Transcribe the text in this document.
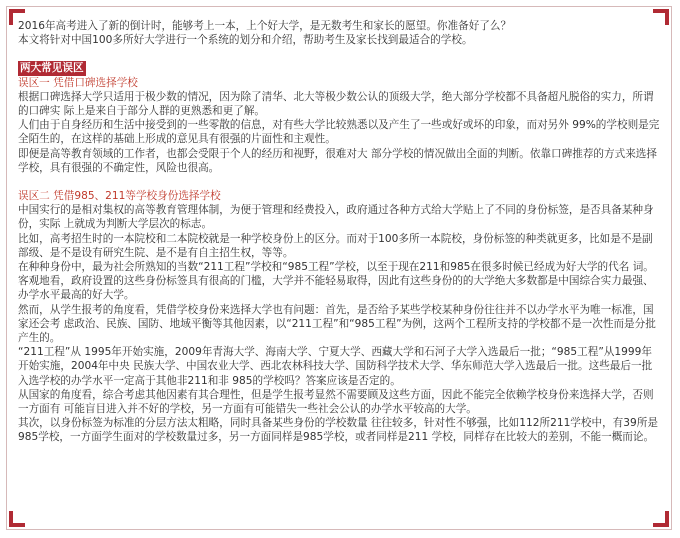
2016年高考进入了新的倒计时，能够考上一本，上个好大学，是无数考生和家长的愿望。你准备好了么？

本文将针对中国100多所好大学进行一个系统的划分和介绍，帮助考生及家长找到最适合的学校。

两大常见误区

误区一 凭借口碑选择学校

根据口碑选择大学只适用于极少数的情况，因为除了清华、北大等极少数公认的顶级大学，绝大部分学校都不具备超凡脱俗的实力，所谓的口碑实 际上是来自于部分人群的更熟悉和更了解。

人们由于自身经历和生活中接受到的一些零散的信息，对有些大学比较熟悉以及产生了一些或好或坏的印象，而对另外 99%的学校则是完全陌生的，在这样的基础上形成的意见具有很强的片面性和主观性。

即便是高等教育领域的工作者，也都会受限于个人的经历和视野，很难对大 部分学校的情况做出全面的判断。依靠口碑推荐的方式来选择学校，具有很强的不确定性，风险也很高。

误区二 凭借985、211等学校身份选择学校

中国实行的是相对集权的高等教育管理体制，为便于管理和经费投入，政府通过各种方式给大学贴上了不同的身份标签，是否具备某种身份，实际 上就成为判断大学层次的标志。

比如，高考招生时的一本院校和二本院校就是一种学校身份上的区分。而对于100多所一本院校，身份标签的种类就更多，比如是不是副部级、是不是设有研究生院、是不是有自主招生权，等等。

在种种身份中，最为社会所熟知的当数“211工程”学校和“985工程”学校，以至于现在211和985在很多时候已经成为好大学的代名 词。客观地看，政府设置的这些身份标签具有很高的门槛，大学并不能轻易取得，因此有这些身份的的大学绝大多数都是中国综合实力最强、办学水平最高的好大学。

然而，从学生报考的角度看，凭借学校身份来选择大学也有问题：首先，是否给予某些学校某种身份往往并不以办学水平为唯一标准，国家还会考 虑政治、民族、国防、地域平衡等其他因素，以“211工程”和“985工程”为例，这两个工程所支持的学校都不是一次性而是分批产生的。

“211工程”从 1995年开始实施，2009年青海大学、海南大学、宁夏大学、西藏大学和石河子大学入选最后一批；“985工程”从1999年开始实施，2004年中央 民族大学、中国农业大学、西北农林科技大学、国防科学技术大学、华东师范大学入选最后一批。这些最后一批入选学校的办学水平一定高于其他非211和非 985的学校吗？答案应该是否定的。

从国家的角度看，综合考虑其他因素有其合理性，但是学生报考显然不需要顾及这些方面，因此不能完全依赖学校身份来选择大学，否则一方面有 可能盲目进入并不好的学校，另一方面有可能错失一些社会公认的办学水平较高的大学。

其次，以身份标签为标准的分层方法太粗略，同时具备某些身份的学校数量 往往较多，针对性不够强，比如112所211学校中，有39所是985学校，一方面学生面对的学校数量过多，另一方面同样是985学校，或者同样是211 学校，同样存在比较大的差别，不能一概而论。
